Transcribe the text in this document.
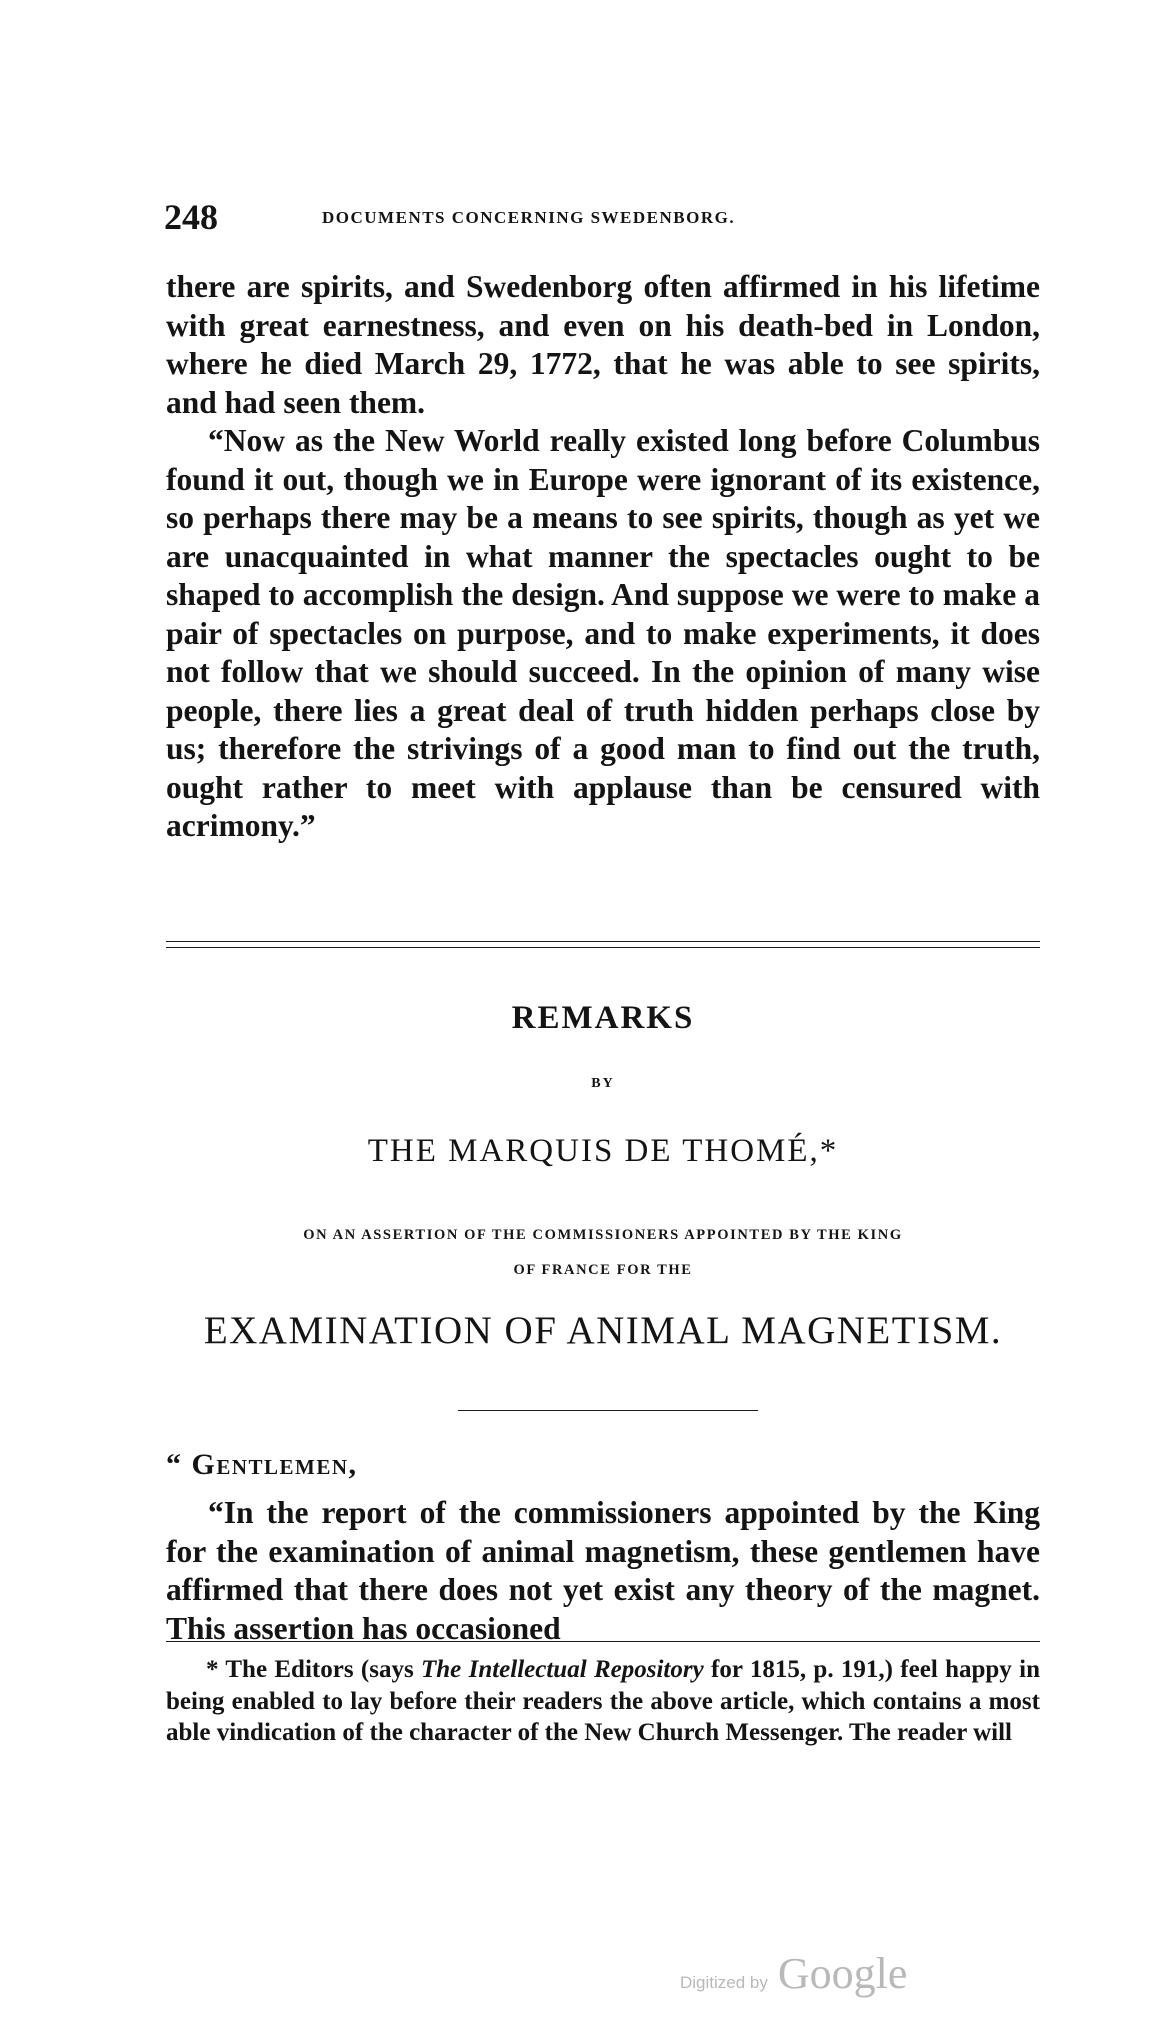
248	DOCUMENTS CONCERNING SWEDENBORG.

there are spirits, and Swedenborg often affirmed in his lifetime with great earnestness, and even on his death-bed in London, where he died March 29, 1772, that he was able to see spirits, and had seen them.

“Now as the New World really existed long before Columbus found it out, though we in Europe were ignorant of its existence, so perhaps there may be a means to see spirits, though as yet we are unacquainted in what manner the spectacles ought to be shaped to accomplish the design. And suppose we were to make a pair of spectacles on purpose, and to make experiments, it does not follow that we should succeed. In the opinion of many wise people, there lies a great deal of truth hidden perhaps close by us; therefore the strivings of a good man to find out the truth, ought rather to meet with applause than be censured with acrimony.”

REMARKS
BY
THE MARQUIS DE THOMÉ,*
ON AN ASSERTION OF THE COMMISSIONERS APPOINTED BY THE KING
OF FRANCE FOR THE
EXAMINATION OF ANIMAL MAGNETISM.
“ Gentlemen,

“In the report of the commissioners appointed by the King for the examination of animal magnetism, these gentlemen have affirmed that there does not yet exist any theory of the magnet. This assertion has occasioned

* The Editors (says The Intellectual Repository for 1815, p. 191,) feel happy in being enabled to lay before their readers the above article, which contains a most able vindication of the character of the New Church Messenger. The reader will

Digitized by Google
